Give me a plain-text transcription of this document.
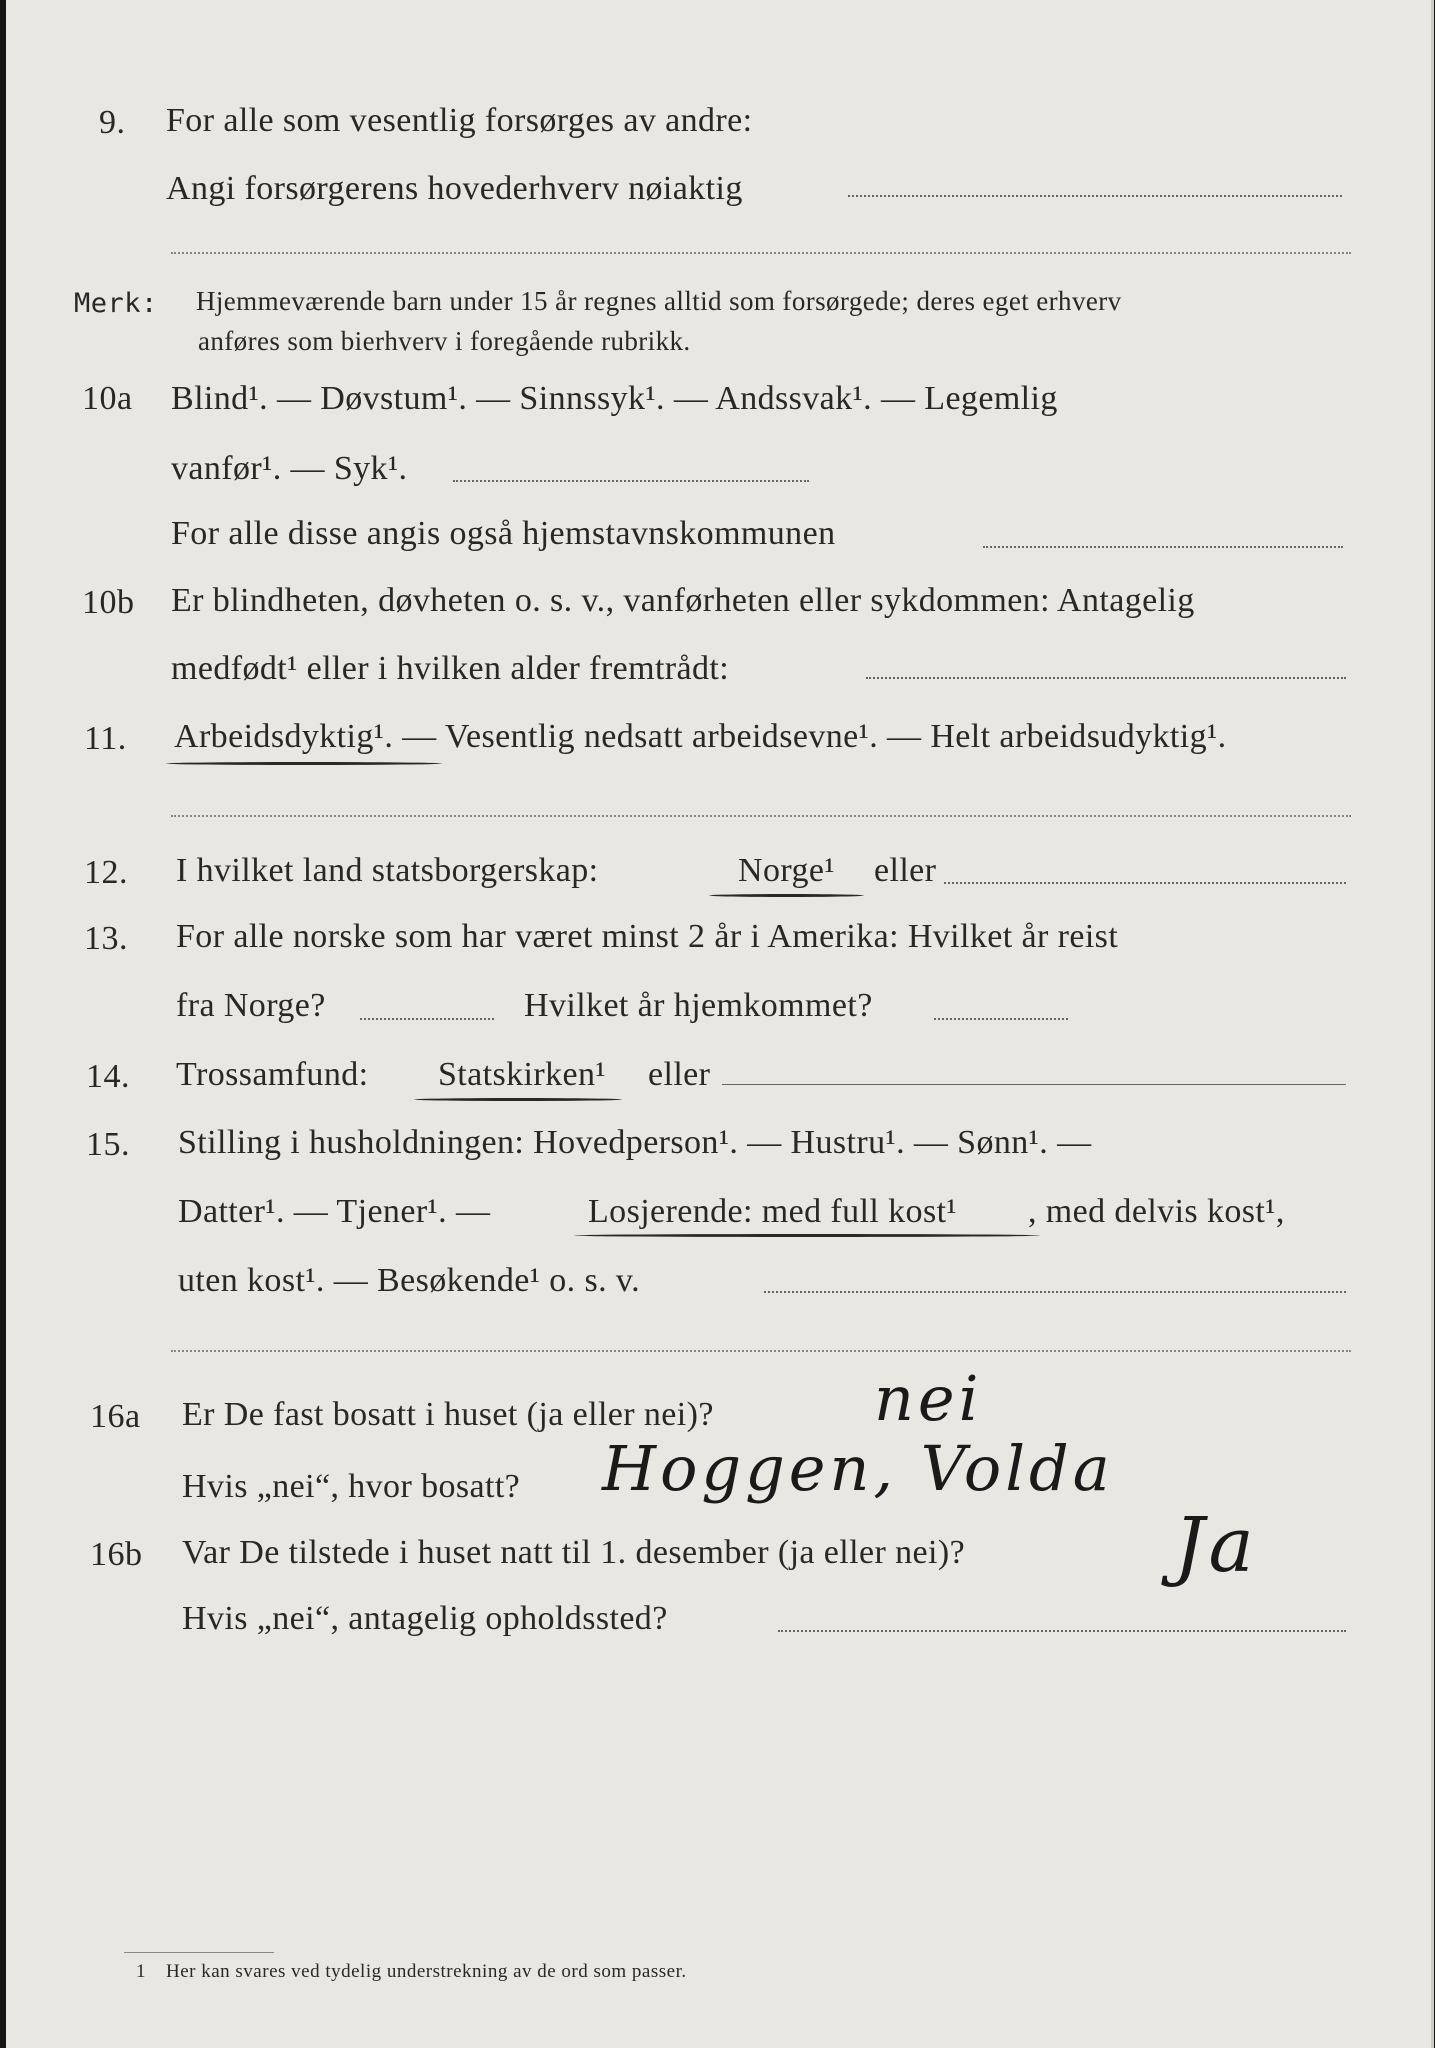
9. For alle som vesentlig forsørges av andre:
Angi forsørgerens hovederhverv nøiaktig
Merk: Hjemmeværende barn under 15 år regnes alltid som forsørgede; deres eget erhverv
anføres som bierhverv i foregående rubrikk.
10a Blind¹. — Døvstum¹. — Sinnssyk¹. — Andssvak¹. — Legemlig
vanfør¹. — Syk¹.
For alle disse angis også hjemstavnskommunen
10b Er blindheten, døvheten o. s. v., vanførheten eller sykdommen: Antagelig
medfødt¹ eller i hvilken alder fremtrådt:
11. Arbeidsdyktig¹. — Vesentlig nedsatt arbeidsevne¹. — Helt arbeidsudyktig¹.
12. I hvilket land statsborgerskap:	Norge¹ eller
13. For alle norske som har været minst 2 år i Amerika: Hvilket år reist
fra Norge?	Hvilket år hjemkommet?
14. Trossamfund: Statskirken¹ eller
15. Stilling i husholdningen: Hovedperson¹. — Hustru¹. — Sønn¹. —
Datter¹. — Tjener¹. —	Losjerende: med full kost¹ , med delvis kost¹,
uten kost¹. — Besøkende¹ o. s. v.
16a Er De fast bosatt i huset (ja eller nei)?	nei
Hvis „nei“, hvor bosatt? Hoggen, Volda
16b Var De tilstede i huset natt til 1. desember (ja eller nei)?	Ja
Hvis „nei“, antagelig opholdssted?
1 Her kan svares ved tydelig understrekning av de ord som passer.
